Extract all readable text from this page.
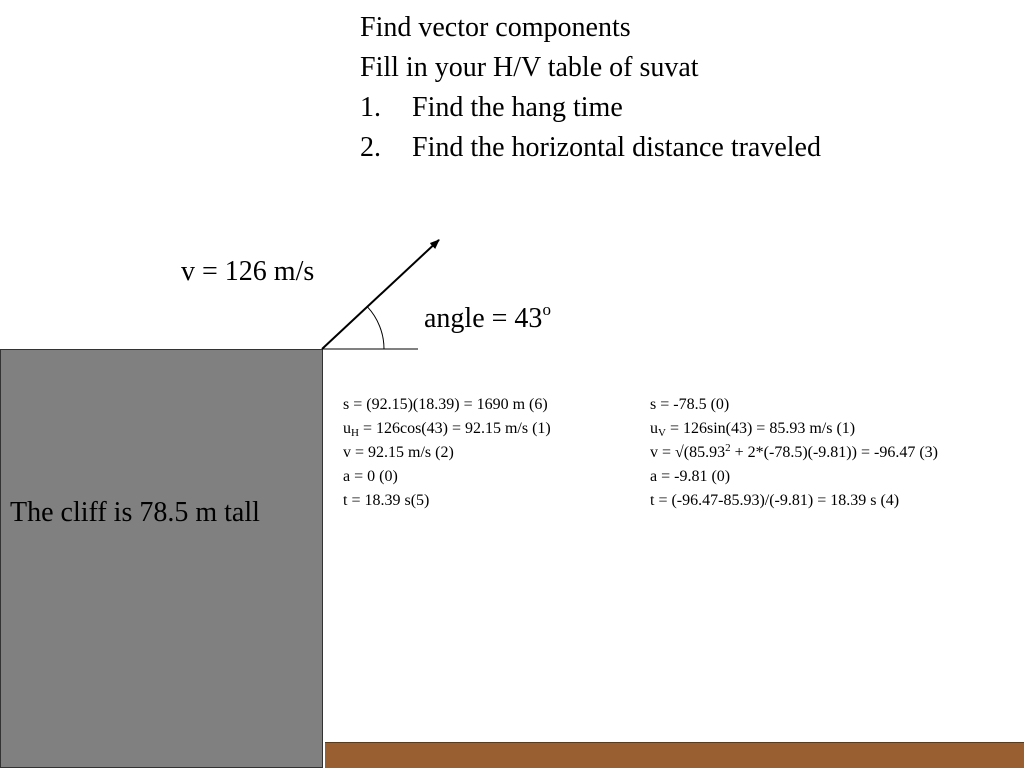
Find vector components
Fill in your H/V table of suvat
1. Find the hang time
2. Find the horizontal distance traveled
The cliff is 78.5 m tall
v = 126 m/s
angle = $43^o$
s = (92.15)(18.39) = 1690 m (6)
$u_H = 126\cos(43) = 92.15$ m/s (1)
v = 92.15 m/s (2)
a = 0 (0)
t = 18.39 s(5)
s = -78.5 (0)
$u_V = 126\sin(43) = 85.93$ m/s (1)
$v = √(85.93^2 + 2*(-78.5)(-9.81)) = -96.47$ (3)
a = -9.81 (0)
t = (-96.47-85.93)/(-9.81) = 18.39 s (4)
